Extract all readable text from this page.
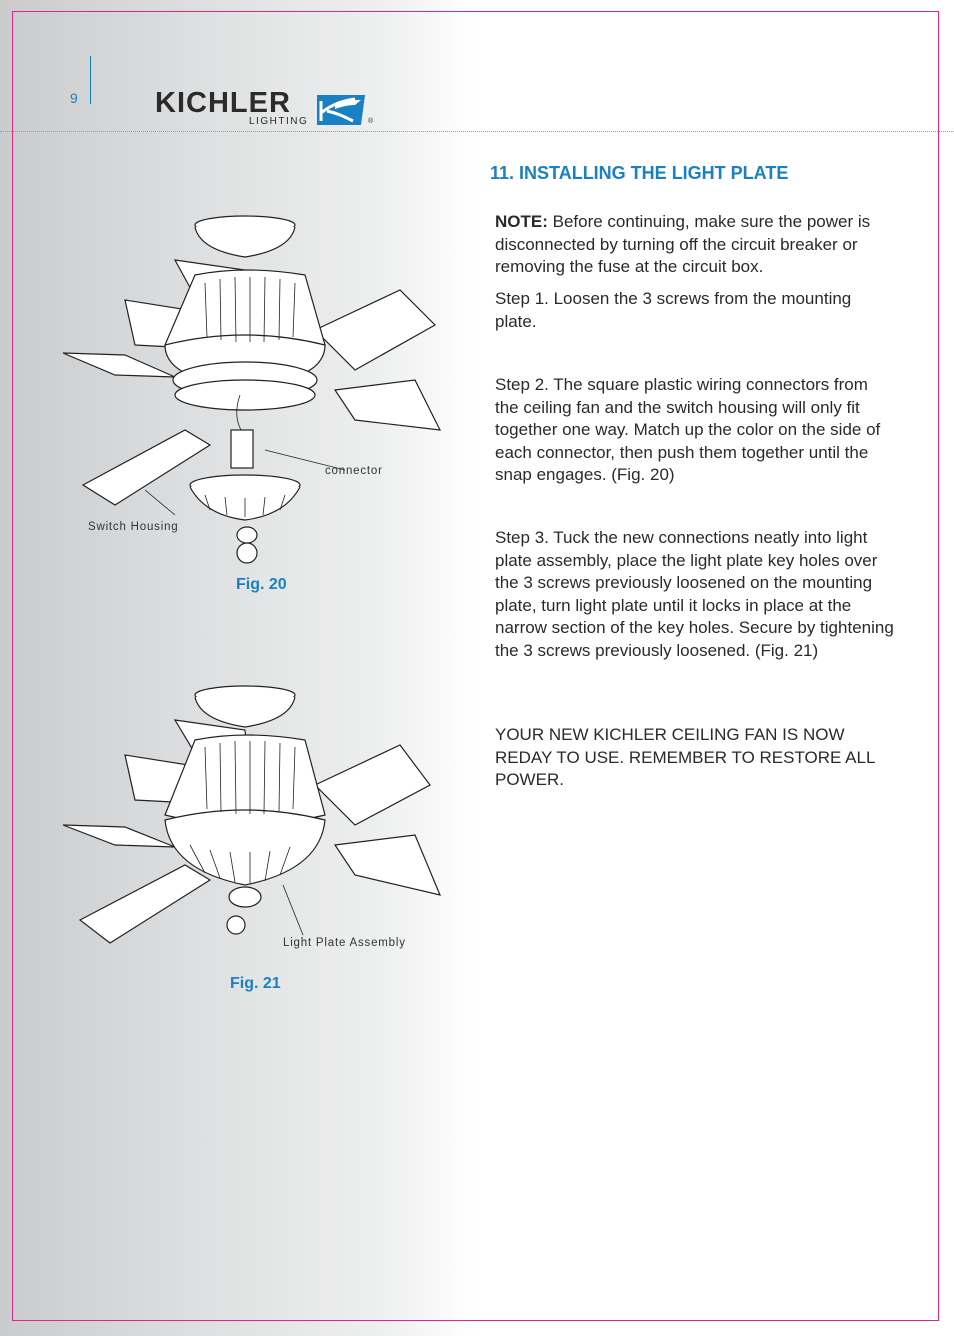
9	KICHLER
LIGHTING	®
11. INSTALLING THE LIGHT PLATE

NOTE: Before continuing, make sure the power is disconnected by turning off the circuit breaker or removing the fuse at the circuit box.

Step 1. Loosen the 3 screws from the mounting plate.

Step 2. The square plastic wiring connectors from the ceiling fan and the switch housing will only fit together one way. Match up the color on the side of each connector, then push them together until the snap engages. (Fig. 20)

Step 3. Tuck the new connections neatly into light plate assembly, place the light plate key holes over the 3 screws previously loosened on the mounting plate, turn light plate until it locks in place at the narrow section of the key holes. Secure by tightening the 3 screws previously loosened. (Fig. 21)

YOUR NEW KICHLER CEILING FAN IS NOW REDAY TO USE. REMEMBER TO RESTORE ALL POWER.

connector
Switch Housing
Fig. 20
Light Plate Assembly
Fig. 21
